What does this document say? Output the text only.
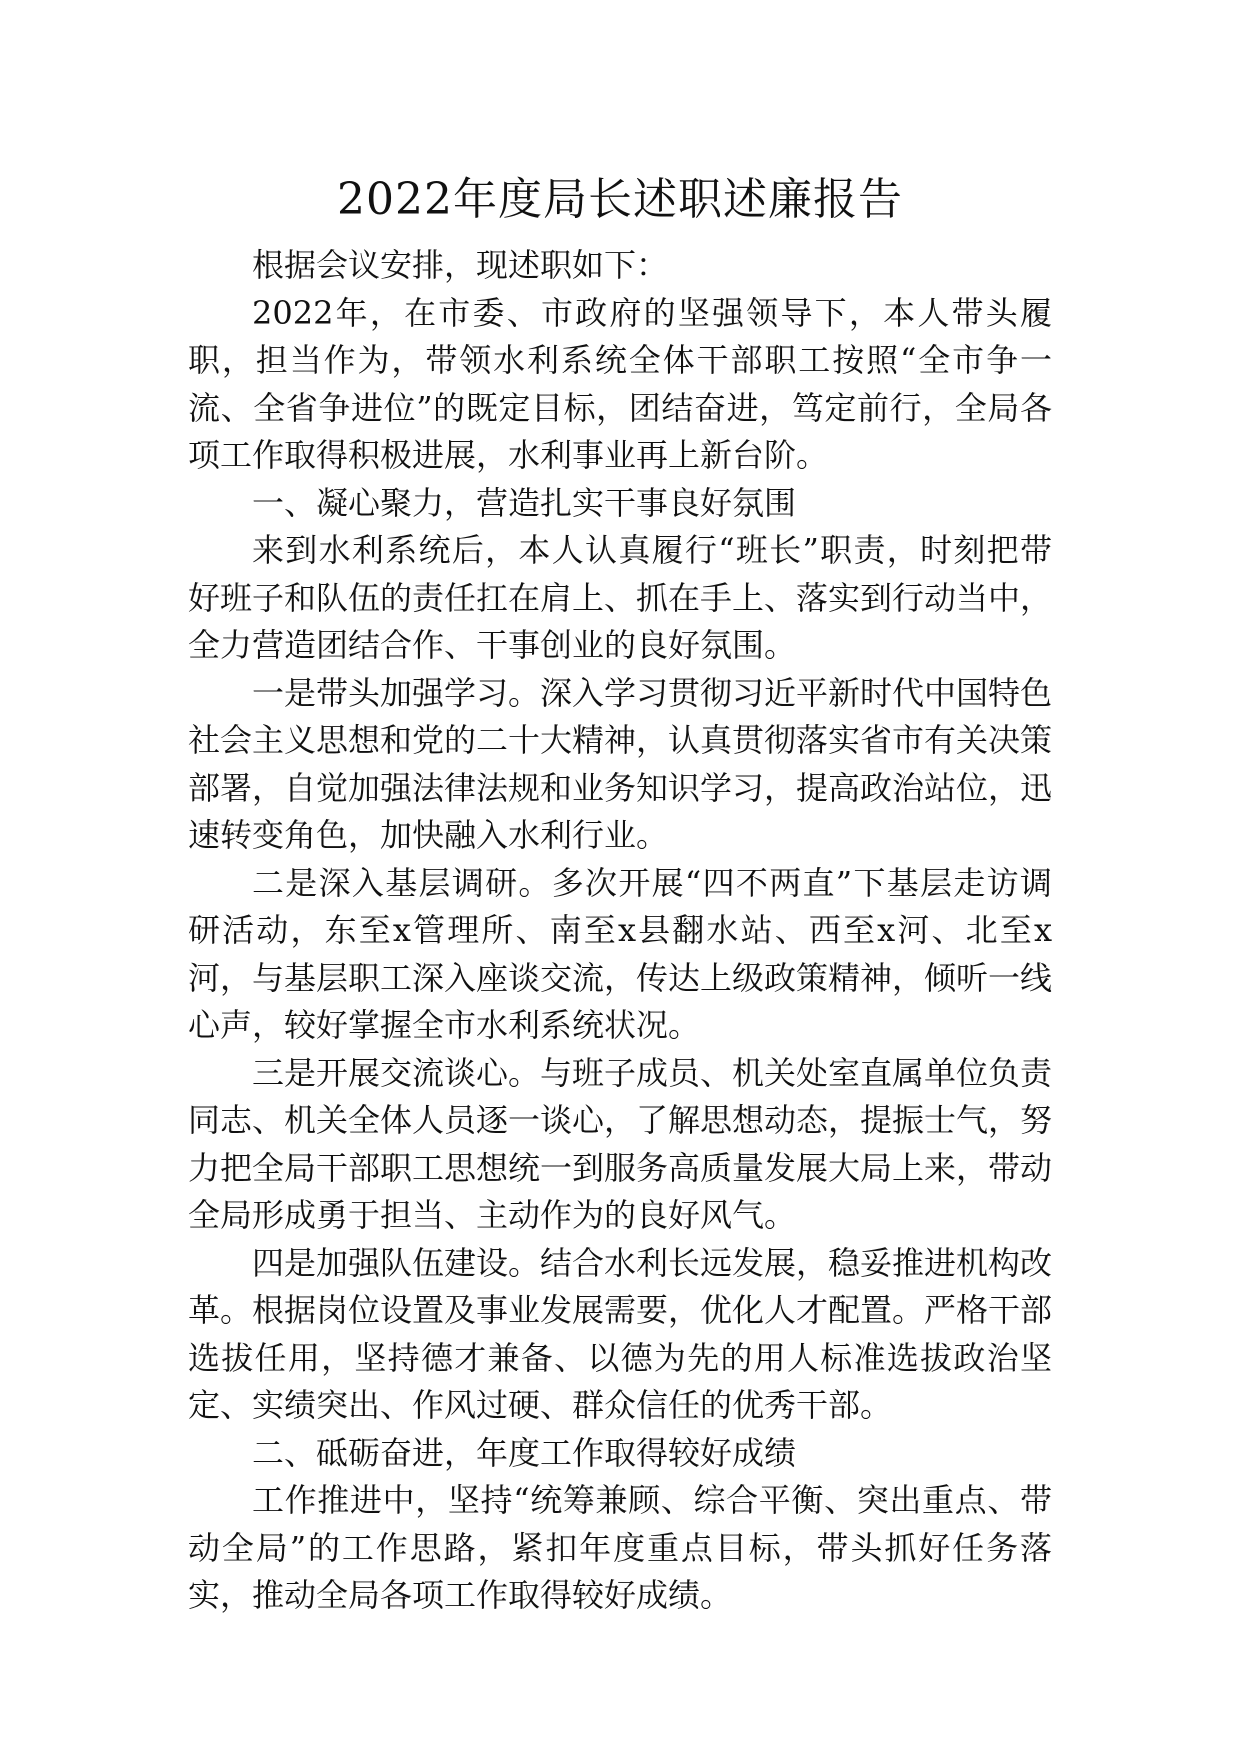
2022年度局长述职述廉报告

根据会议安排，现述职如下：

2022年，在市委、市政府的坚强领导下，本人带头履职，担当作为，带领水利系统全体干部职工按照“全市争一流、全省争进位”的既定目标，团结奋进，笃定前行，全局各项工作取得积极进展，水利事业再上新台阶。

一、凝心聚力，营造扎实干事良好氛围

来到水利系统后，本人认真履行“班长”职责，时刻把带好班子和队伍的责任扛在肩上、抓在手上、落实到行动当中，全力营造团结合作、干事创业的良好氛围。

一是带头加强学习。深入学习贯彻习近平新时代中国特色社会主义思想和党的二十大精神，认真贯彻落实省市有关决策部署，自觉加强法律法规和业务知识学习，提高政治站位，迅速转变角色，加快融入水利行业。

二是深入基层调研。多次开展“四不两直”下基层走访调研活动，东至x管理所、南至x县翻水站、西至x河、北至x河，与基层职工深入座谈交流，传达上级政策精神，倾听一线心声，较好掌握全市水利系统状况。

三是开展交流谈心。与班子成员、机关处室直属单位负责同志、机关全体人员逐一谈心，了解思想动态，提振士气，努力把全局干部职工思想统一到服务高质量发展大局上来，带动全局形成勇于担当、主动作为的良好风气。

四是加强队伍建设。结合水利长远发展，稳妥推进机构改革。根据岗位设置及事业发展需要，优化人才配置。严格干部选拔任用，坚持德才兼备、以德为先的用人标准选拔政治坚定、实绩突出、作风过硬、群众信任的优秀干部。

二、砥砺奋进，年度工作取得较好成绩

工作推进中，坚持“统筹兼顾、综合平衡、突出重点、带动全局”的工作思路，紧扣年度重点目标，带头抓好任务落实，推动全局各项工作取得较好成绩。
